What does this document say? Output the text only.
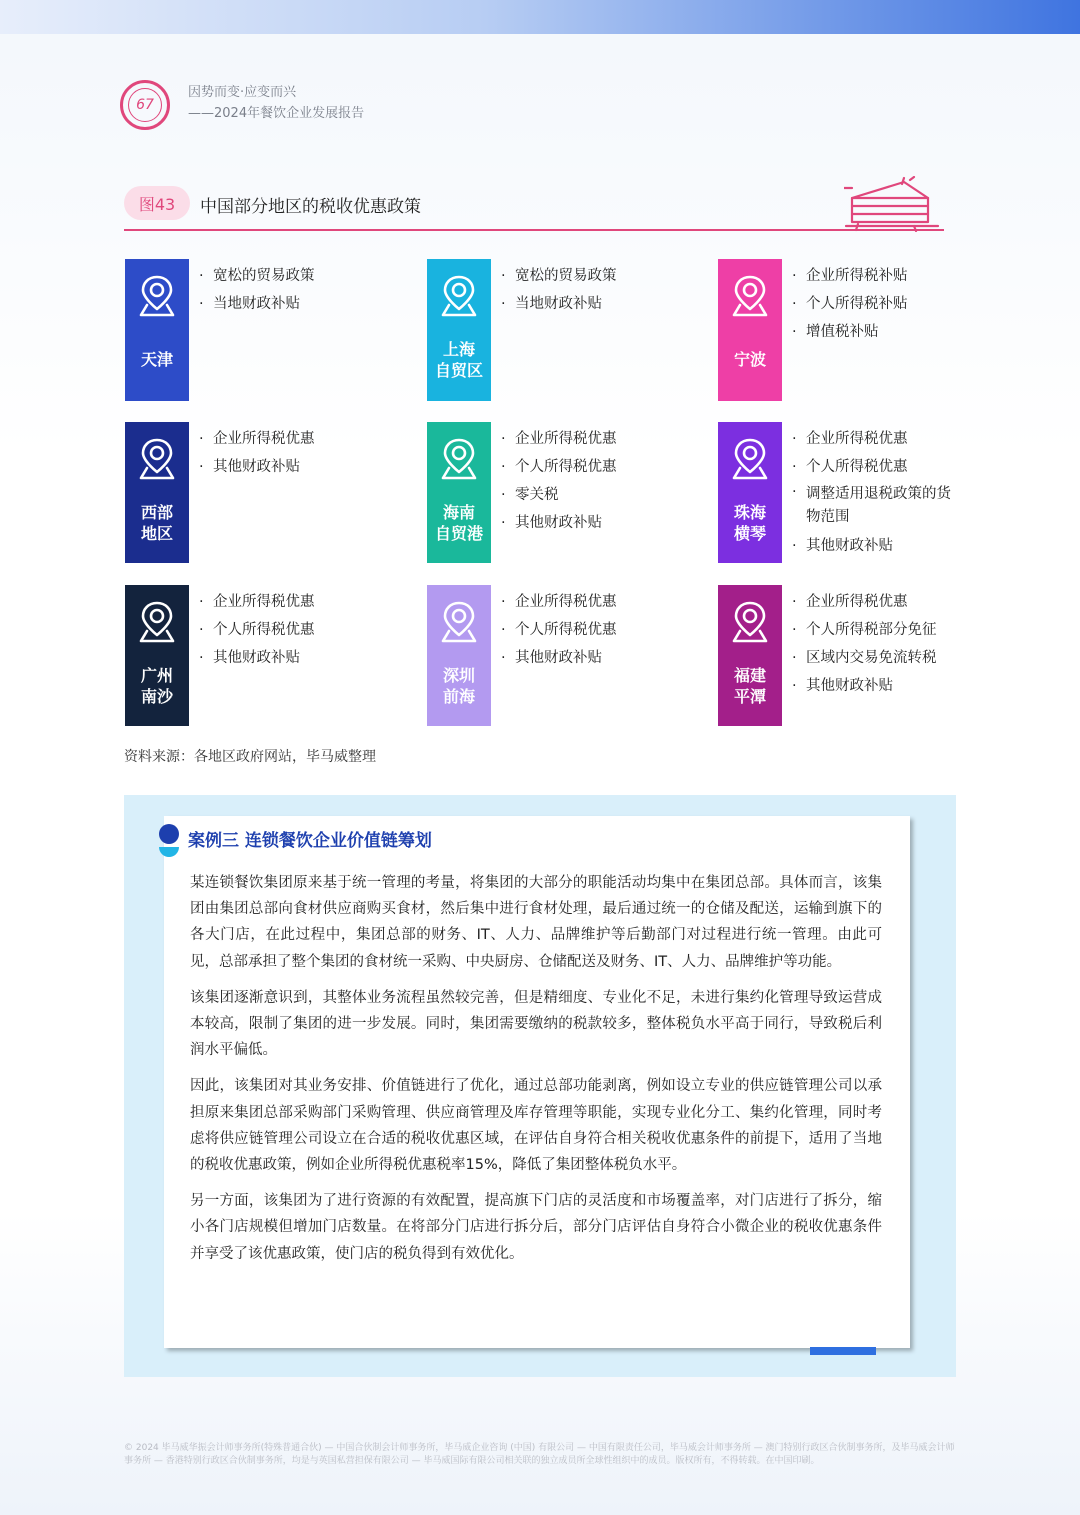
67
因势而变·应变而兴
——2024年餐饮企业发展报告
图43	中国部分地区的税收优惠政策
天津
· 宽松的贸易政策
· 当地财政补贴
上海
自贸区
· 宽松的贸易政策
· 当地财政补贴
宁波
· 企业所得税补贴
· 个人所得税补贴
· 增值税补贴
西部
地区
· 企业所得税优惠
· 其他财政补贴
海南
自贸港
· 企业所得税优惠
· 个人所得税优惠
· 零关税
· 其他财政补贴
珠海
横琴
· 企业所得税优惠
· 个人所得税优惠
· 调整适用退税政策的货物范围
· 其他财政补贴
广州
南沙
· 企业所得税优惠
· 个人所得税优惠
· 其他财政补贴
深圳
前海
· 企业所得税优惠
· 个人所得税优惠
· 其他财政补贴
福建
平潭
· 企业所得税优惠
· 个人所得税部分免征
· 区域内交易免流转税
· 其他财政补贴
资料来源：各地区政府网站，毕马威整理
案例三 连锁餐饮企业价值链筹划

某连锁餐饮集团原来基于统一管理的考量，将集团的大部分的职能活动均集中在集团总部。具体而言，该集团由集团总部向食材供应商购买食材，然后集中进行食材处理，最后通过统一的仓储及配送，运输到旗下的各大门店，在此过程中，集团总部的财务、IT、人力、品牌维护等后勤部门对过程进行统一管理。由此可见，总部承担了整个集团的食材统一采购、中央厨房、仓储配送及财务、IT、人力、品牌维护等功能。

该集团逐渐意识到，其整体业务流程虽然较完善，但是精细度、专业化不足，未进行集约化管理导致运营成本较高，限制了集团的进一步发展。同时，集团需要缴纳的税款较多，整体税负水平高于同行，导致税后利润水平偏低。

因此，该集团对其业务安排、价值链进行了优化，通过总部功能剥离，例如设立专业的供应链管理公司以承担原来集团总部采购部门采购管理、供应商管理及库存管理等职能，实现专业化分工、集约化管理，同时考虑将供应链管理公司设立在合适的税收优惠区域，在评估自身符合相关税收优惠条件的前提下，适用了当地的税收优惠政策，例如企业所得税优惠税率15%，降低了集团整体税负水平。

另一方面，该集团为了进行资源的有效配置，提高旗下门店的灵活度和市场覆盖率，对门店进行了拆分，缩小各门店规模但增加门店数量。在将部分门店进行拆分后，部分门店评估自身符合小微企业的税收优惠条件并享受了该优惠政策，使门店的税负得到有效优化。

© 2024 毕马威华振会计师事务所(特殊普通合伙) — 中国合伙制会计师事务所，毕马威企业咨询 (中国) 有限公司 — 中国有限责任公司，毕马威会计师事务所 — 澳门特别行政区合伙制事务所，及毕马威会计师事务所 — 香港特别行政区合伙制事务所，均是与英国私营担保有限公司 — 毕马威国际有限公司相关联的独立成员所全球性组织中的成员。版权所有，不得转载。在中国印刷。
